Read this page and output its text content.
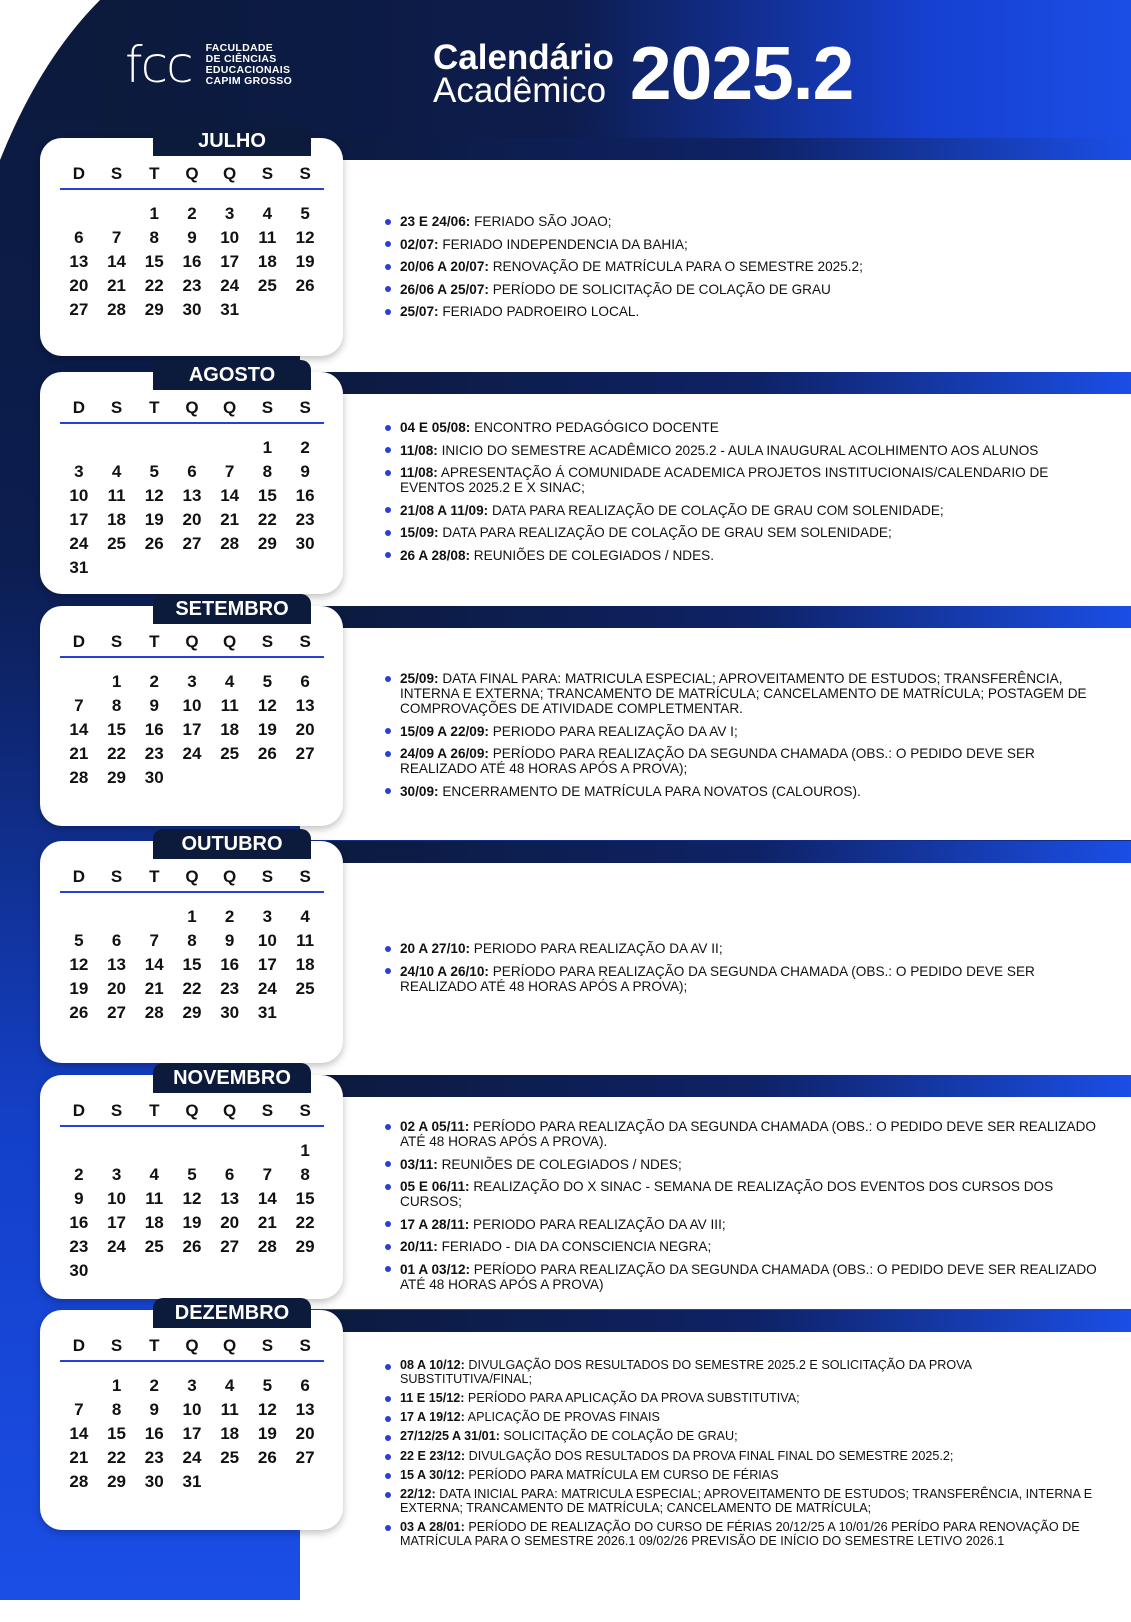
fcc FACULDADE
DE CIÊNCIAS
EDUCACIONAIS
CAPIM GROSSO
Calendário
Acadêmico 2025.2
JULHO
D	S	T	Q	Q	S	S
		1	2	3	4	5
6	7	8	9	10	11	12
13	14	15	16	17	18	19
20	21	22	23	24	25	26
27	28	29	30	31		
AGOSTO
D	S	T	Q	Q	S	S
					1	2
3	4	5	6	7	8	9
10	11	12	13	14	15	16
17	18	19	20	21	22	23
24	25	26	27	28	29	30
31						
SETEMBRO
D	S	T	Q	Q	S	S
	1	2	3	4	5	6
7	8	9	10	11	12	13
14	15	16	17	18	19	20
21	22	23	24	25	26	27
28	29	30				
OUTUBRO
D	S	T	Q	Q	S	S
			1	2	3	4
5	6	7	8	9	10	11
12	13	14	15	16	17	18
19	20	21	22	23	24	25
26	27	28	29	30	31	
NOVEMBRO
D	S	T	Q	Q	S	S
						1
2	3	4	5	6	7	8
9	10	11	12	13	14	15
16	17	18	19	20	21	22
23	24	25	26	27	28	29
30						
DEZEMBRO
D	S	T	Q	Q	S	S
	1	2	3	4	5	6
7	8	9	10	11	12	13
14	15	16	17	18	19	20
21	22	23	24	25	26	27
28	29	30	31			
23 E 24/06: FERIADO SÃO JOAO;
02/07: FERIADO INDEPENDENCIA DA BAHIA;
20/06 A 20/07: RENOVAÇÃO DE MATRÍCULA PARA O SEMESTRE 2025.2;
26/06 A 25/07: PERÍODO DE SOLICITAÇÃO DE COLAÇÃO DE GRAU
25/07: FERIADO PADROEIRO LOCAL.
04 E 05/08: ENCONTRO PEDAGÓGICO DOCENTE
11/08: INICIO DO SEMESTRE ACADÊMICO 2025.2 - AULA INAUGURAL ACOLHIMENTO AOS ALUNOS
11/08: APRESENTAÇÃO Á COMUNIDADE ACADEMICA PROJETOS INSTITUCIONAIS/CALENDARIO DE EVENTOS 2025.2 E X SINAC;
21/08 A 11/09: DATA PARA REALIZAÇÃO DE COLAÇÃO DE GRAU COM SOLENIDADE;
15/09: DATA PARA REALIZAÇÃO DE COLAÇÃO DE GRAU SEM SOLENIDADE;
26 A 28/08: REUNIÕES DE COLEGIADOS / NDES.
25/09: DATA FINAL PARA: MATRICULA ESPECIAL; APROVEITAMENTO DE ESTUDOS; TRANSFERÊNCIA, INTERNA E EXTERNA; TRANCAMENTO DE MATRÍCULA; CANCELAMENTO DE MATRÍCULA; POSTAGEM DE COMPROVAÇÕES DE ATIVIDADE COMPLETMENTAR.
15/09 A 22/09: PERIODO PARA REALIZAÇÃO DA AV I;
24/09 A 26/09: PERÍODO PARA REALIZAÇÃO DA SEGUNDA CHAMADA (OBS.: O PEDIDO DEVE SER REALIZADO ATÉ 48 HORAS APÓS A PROVA);
30/09: ENCERRAMENTO DE MATRÍCULA PARA NOVATOS (CALOUROS).
20 A 27/10: PERIODO PARA REALIZAÇÃO DA AV II;
24/10 A 26/10: PERÍODO PARA REALIZAÇÃO DA SEGUNDA CHAMADA (OBS.: O PEDIDO DEVE SER REALIZADO ATÉ 48 HORAS APÓS A PROVA);
02 A 05/11: PERÍODO PARA REALIZAÇÃO DA SEGUNDA CHAMADA (OBS.: O PEDIDO DEVE SER REALIZADO ATÉ 48 HORAS APÓS A PROVA).
03/11: REUNIÕES DE COLEGIADOS / NDES;
05 E 06/11: REALIZAÇÃO DO X SINAC - SEMANA DE REALIZAÇÃO DOS EVENTOS DOS CURSOS DOS CURSOS;
17 A 28/11: PERIODO PARA REALIZAÇÃO DA AV III;
20/11: FERIADO - DIA DA CONSCIENCIA NEGRA;
01 A 03/12: PERÍODO PARA REALIZAÇÃO DA SEGUNDA CHAMADA (OBS.: O PEDIDO DEVE SER REALIZADO ATÉ 48 HORAS APÓS A PROVA)
08 A 10/12: DIVULGAÇÃO DOS RESULTADOS DO SEMESTRE 2025.2 E SOLICITAÇÃO DA PROVA SUBSTITUTIVA/FINAL;
11 E 15/12: PERÍODO PARA APLICAÇÃO DA PROVA SUBSTITUTIVA;
17 A 19/12: APLICAÇÃO DE PROVAS FINAIS
27/12/25 A 31/01: SOLICITAÇÃO DE COLAÇÃO DE GRAU;
22 E 23/12: DIVULGAÇÃO DOS RESULTADOS DA PROVA FINAL FINAL DO SEMESTRE 2025.2;
15 A 30/12: PERÍODO PARA MATRÍCULA EM CURSO DE FÉRIAS
22/12: DATA INICIAL PARA: MATRICULA ESPECIAL; APROVEITAMENTO DE ESTUDOS; TRANSFERÊNCIA, INTERNA E EXTERNA; TRANCAMENTO DE MATRÍCULA; CANCELAMENTO DE MATRÍCULA;
03 A 28/01: PERÍODO DE REALIZAÇÃO DO CURSO DE FÉRIAS 20/12/25 A 10/01/26 PERÍDO PARA RENOVAÇÃO DE MATRÍCULA PARA O SEMESTRE 2026.1 09/02/26 PREVISÃO DE INÍCIO DO SEMESTRE LETIVO 2026.1
